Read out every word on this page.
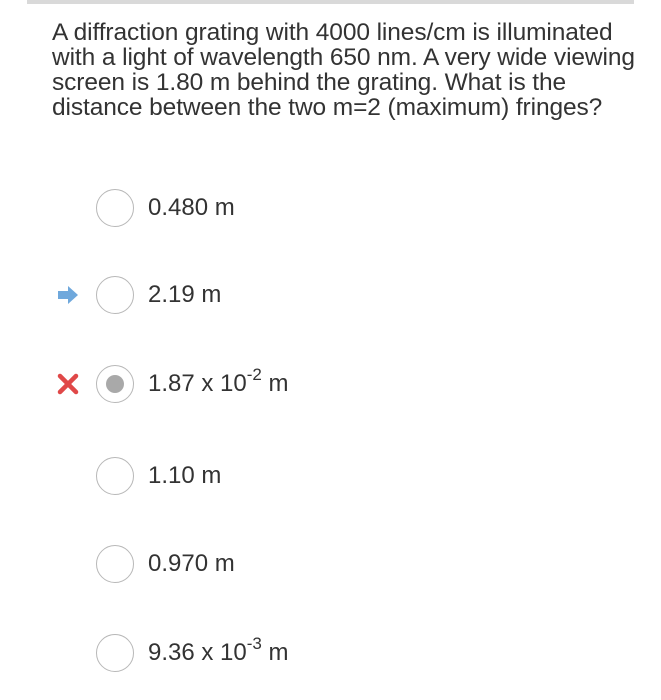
A diffraction grating with 4000 lines/cm is illuminated with a light of wavelength 650 nm. A very wide viewing screen is 1.80 m behind the grating. What is the distance between the two m=2 (maximum) fringes?

0.480 m
2.19 m
1.87 x $10^{-2}$ m
1.10 m
0.970 m
9.36 x $10^{-3}$ m
